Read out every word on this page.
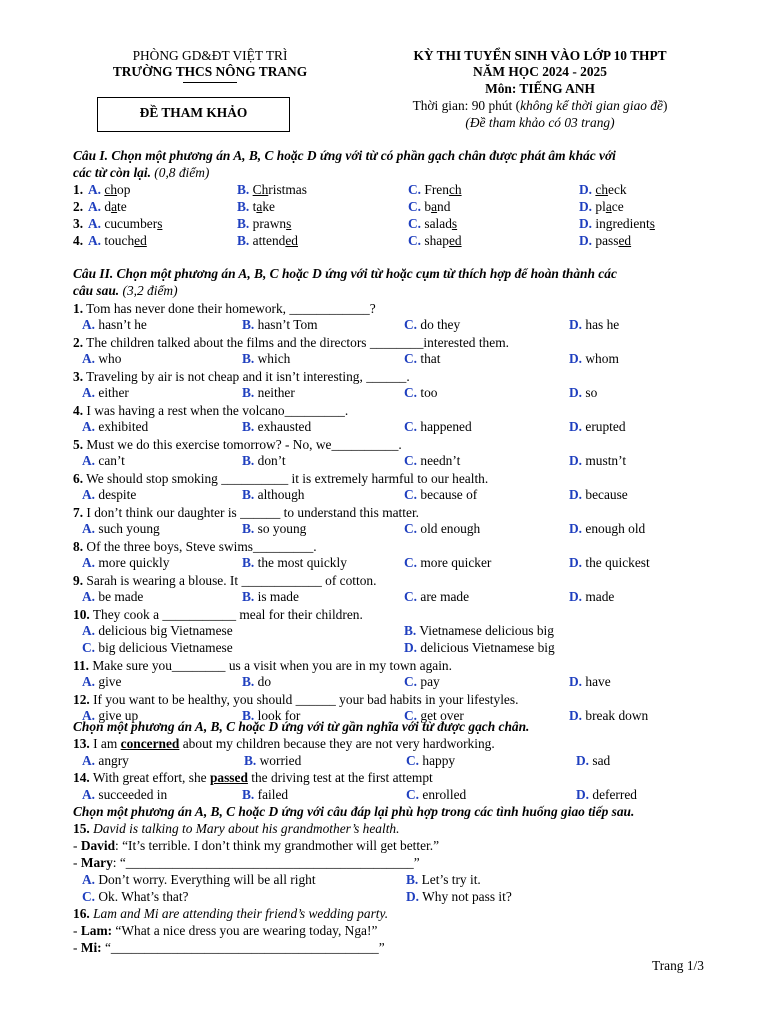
PHÒNG GD&ĐT VIỆT TRÌ
TRƯỜNG THCS NÔNG TRANG
ĐỀ THAM KHẢO
KỲ THI TUYỂN SINH VÀO LỚP 10 THPT
NĂM HỌC 2024 - 2025
Môn: TIẾNG ANH
Thời gian: 90 phút (không kể thời gian giao đề)
(Đề tham khảo có 03 trang)
Câu I. Chọn một phương án A, B, C hoặc D ứng với từ có phần gạch chân được phát âm khác với
các từ còn lại. (0,8 điểm)
1. A. chop	B. Christmas	C. French	D. check
2. A. date	B. take	C. band	D. place
3. A. cucumbers	B. prawns	C. salads	D. ingredients
4. A. touched	B. attended	C. shaped	D. passed
Câu II. Chọn một phương án A, B, C hoặc D ứng với từ hoặc cụm từ thích hợp để hoàn thành các
câu sau. (3,2 điểm)
1. Tom has never done their homework, ____________?
A. hasn’t he	B. hasn’t Tom	C. do they	D. has he
2. The children talked about the films and the directors ________interested them.
A. who	B. which	C. that	D. whom
3. Traveling by air is not cheap and it isn’t interesting, ______.
A. either	B. neither	C. too	D. so
4. I was having a rest when the volcano_________.
A. exhibited	B. exhausted	C. happened	D. erupted
5. Must we do this exercise tomorrow? - No, we__________.
A. can’t	B. don’t	C. needn’t	D. mustn’t
6. We should stop smoking __________ it is extremely harmful to our health.
A. despite	B. although	C. because of	D. because
7. I don’t think our daughter is ______ to understand this matter.
A. such young	B. so young	C. old enough	D. enough old
8. Of the three boys, Steve swims_________.
A. more quickly	B. the most quickly	C. more quicker	D. the quickest
9. Sarah is wearing a blouse. It ____________ of cotton.
A. be made	B. is made	C. are made	D. made
10. They cook a ___________ meal for their children.
A. delicious big Vietnamese	B. Vietnamese delicious big
C. big delicious Vietnamese	D. delicious Vietnamese big
11. Make sure you________ us a visit when you are in my town again.
A. give	B. do	C. pay	D. have
12. If you want to be healthy, you should ______ your bad habits in your lifestyles.
A. give up	B. look for	C. get over	D. break down
Chọn một phương án A, B, C hoặc D ứng với từ gần nghĩa với từ được gạch chân.
13. I am concerned about my children because they are not very hardworking.
A. angry	B. worried	C. happy	D. sad
14. With great effort, she passed the driving test at the first attempt
A. succeeded in	B. failed	C. enrolled	D. deferred
Chọn một phương án A, B, C hoặc D ứng với câu đáp lại phù hợp trong các tình huống giao tiếp sau.
15. David is talking to Mary about his grandmother’s health.
- David: “It’s terrible. I don’t think my grandmother will get better.”
- Mary: “___________________________________________”
A. Don’t worry. Everything will be all right	B. Let’s try it.
C. Ok. What’s that?	D. Why not pass it?
16. Lam and Mi are attending their friend’s wedding party.
- Lam: “What a nice dress you are wearing today, Nga!”
- Mi: “________________________________________”
Trang 1/3
